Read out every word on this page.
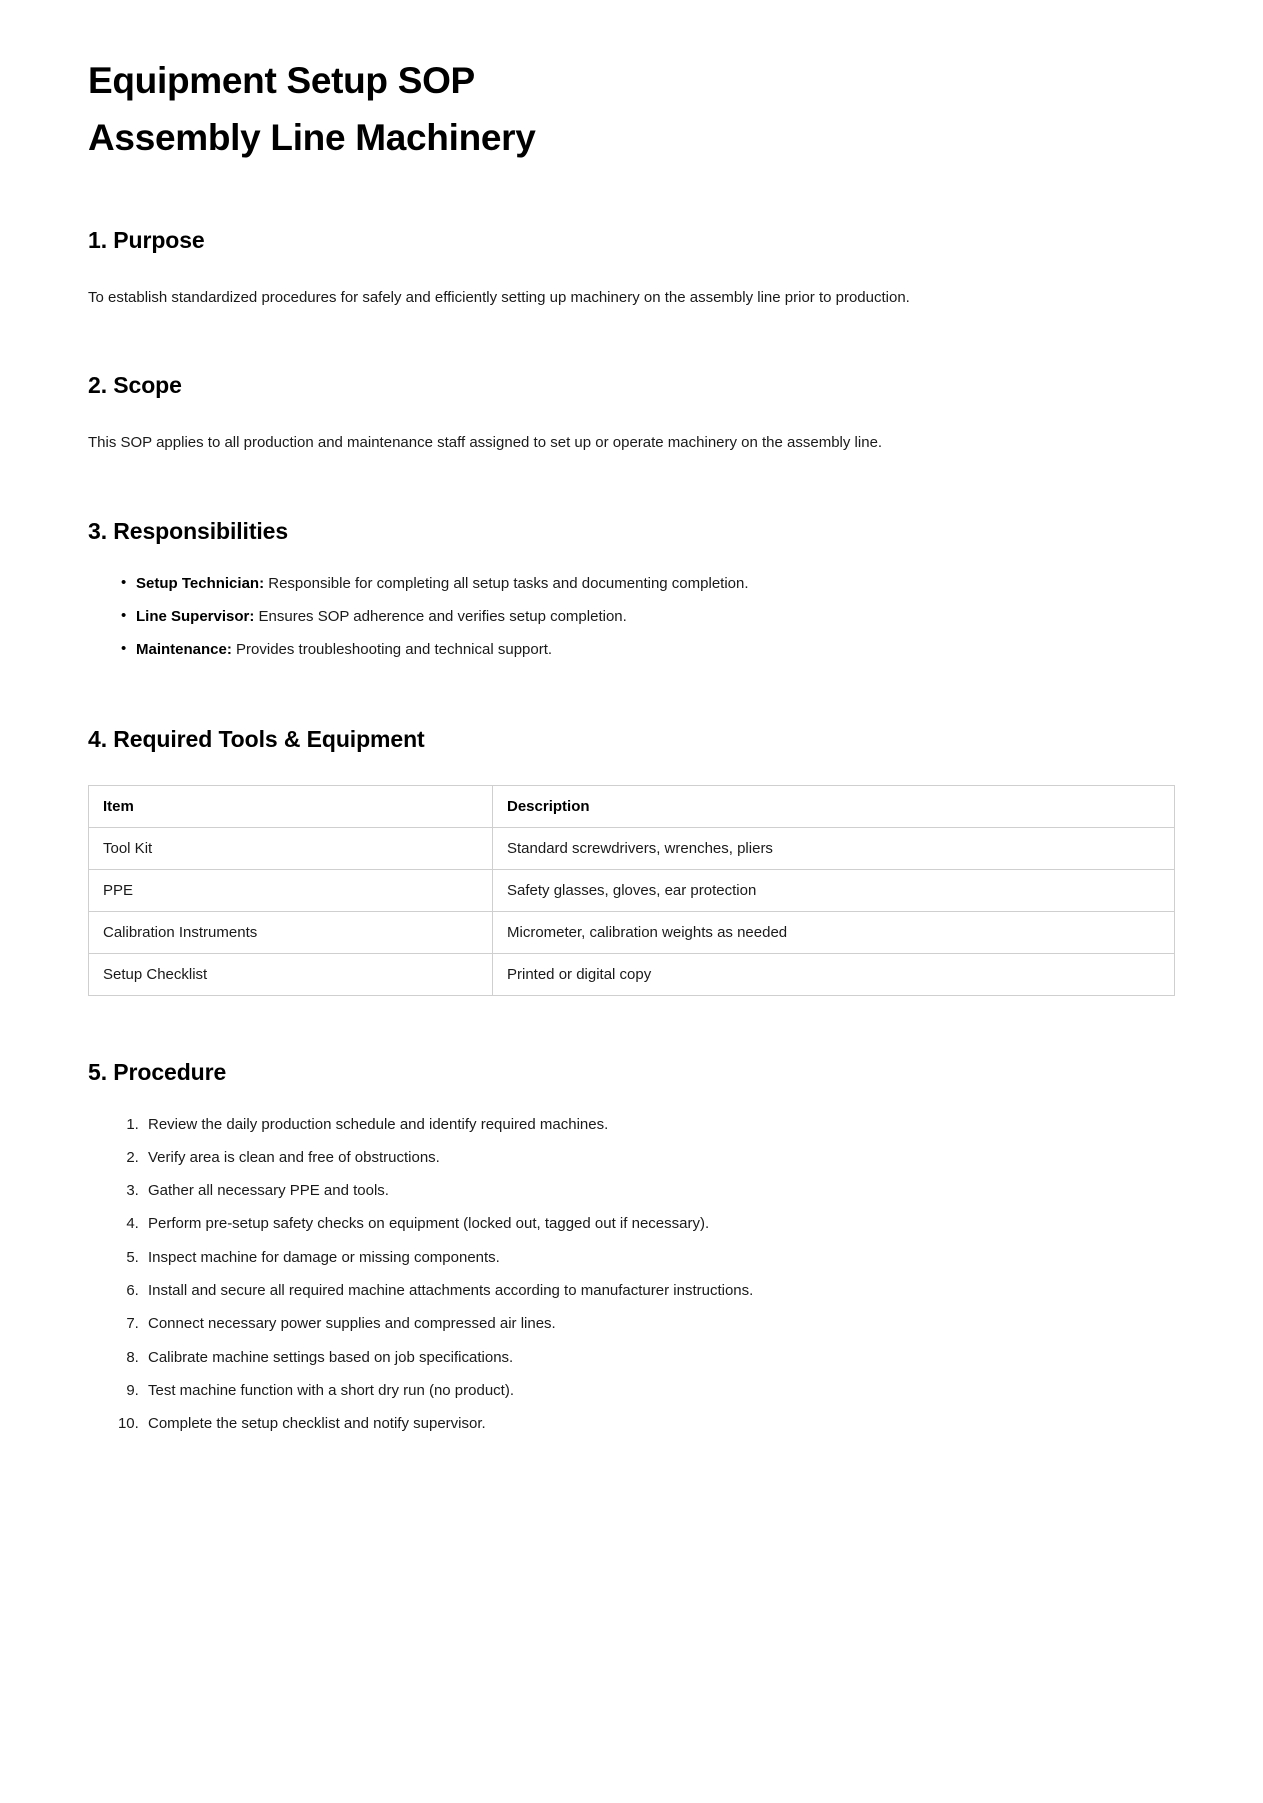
Equipment Setup SOP
Assembly Line Machinery
1. Purpose

To establish standardized procedures for safely and efficiently setting up machinery on the assembly line prior to production.

2. Scope

This SOP applies to all production and maintenance staff assigned to set up or operate machinery on the assembly line.

3. Responsibilities
• Setup Technician: Responsible for completing all setup tasks and documenting completion.
• Line Supervisor: Ensures SOP adherence and verifies setup completion.
• Maintenance: Provides troubleshooting and technical support.
4. Required Tools & Equipment
Item	Description
Tool Kit	Standard screwdrivers, wrenches, pliers
PPE	Safety glasses, gloves, ear protection
Calibration Instruments	Micrometer, calibration weights as needed
Setup Checklist	Printed or digital copy
5. Procedure
1. Review the daily production schedule and identify required machines.
2. Verify area is clean and free of obstructions.
3. Gather all necessary PPE and tools.
4. Perform pre-setup safety checks on equipment (locked out, tagged out if necessary).
5. Inspect machine for damage or missing components.
6. Install and secure all required machine attachments according to manufacturer instructions.
7. Connect necessary power supplies and compressed air lines.
8. Calibrate machine settings based on job specifications.
9. Test machine function with a short dry run (no product).
10. Complete the setup checklist and notify supervisor.
